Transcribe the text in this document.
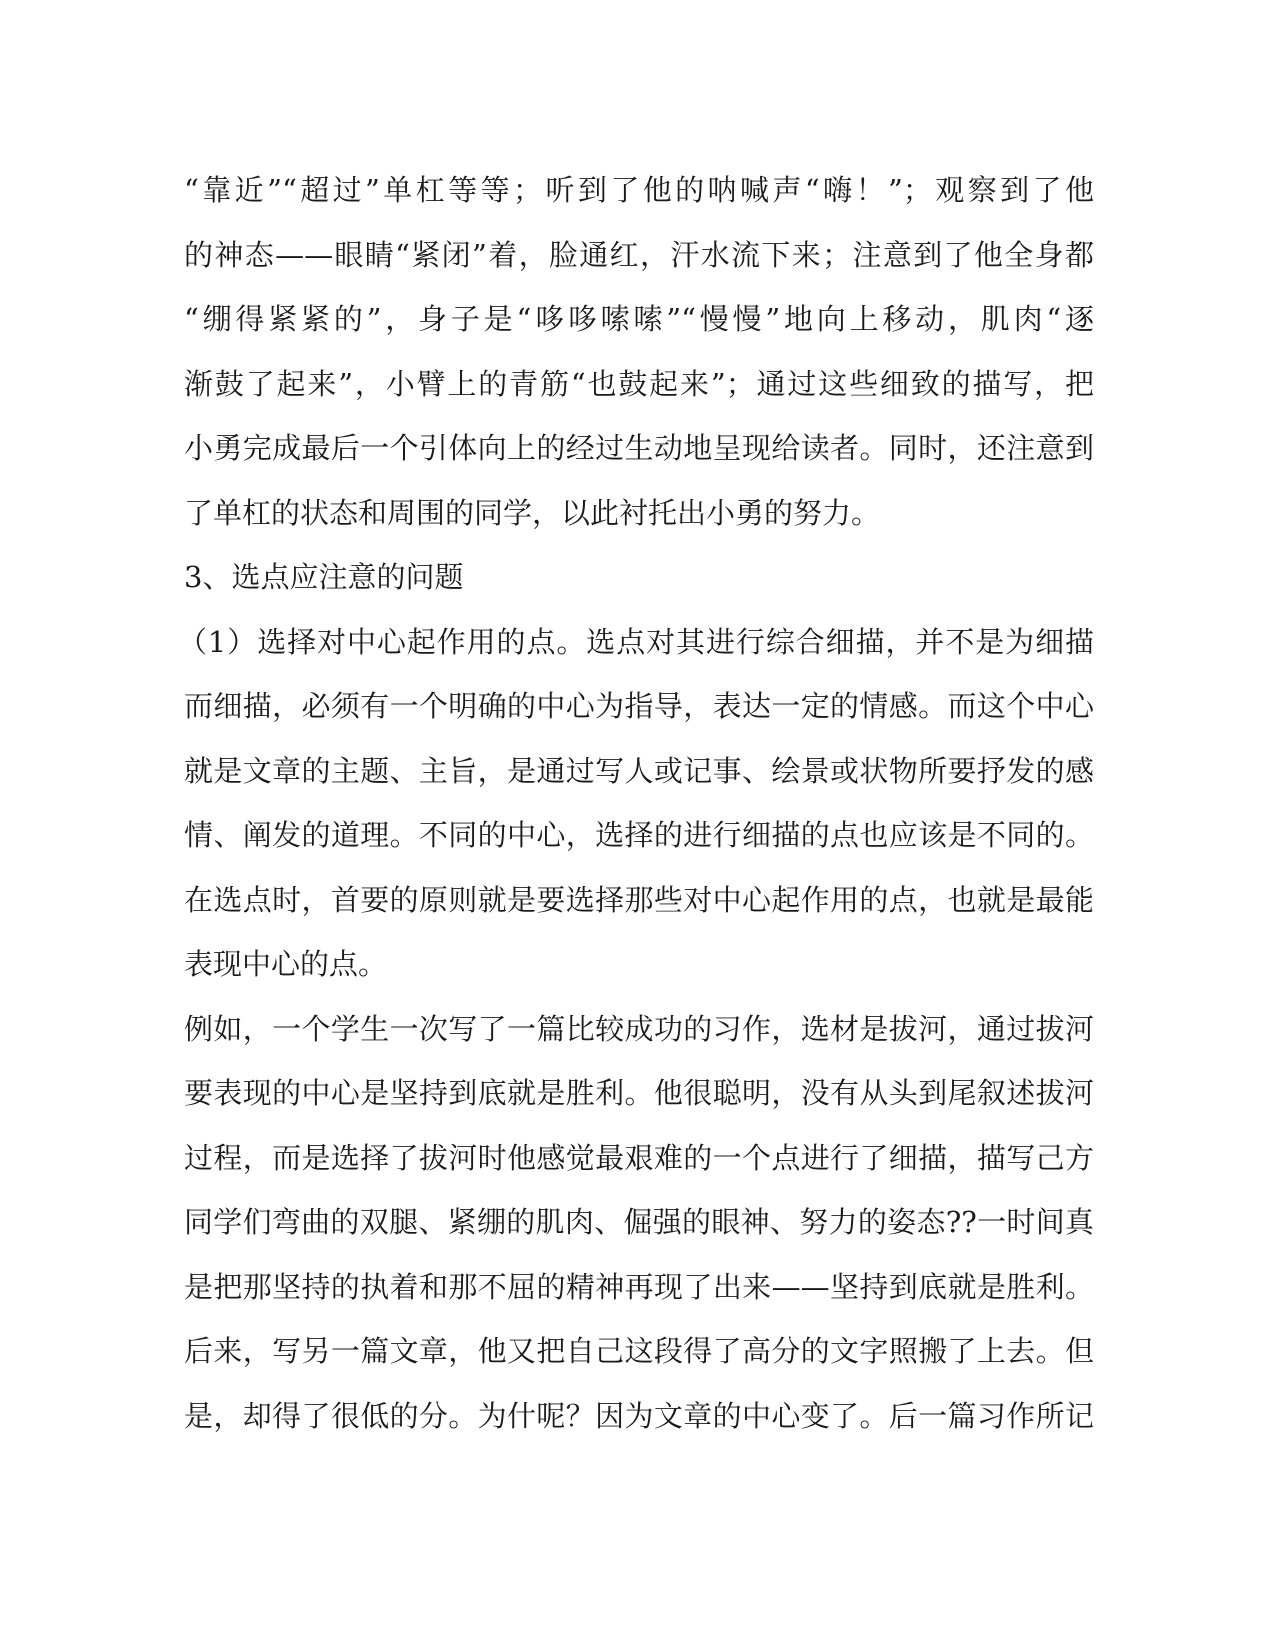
“靠近”“超过”单杠等等；听到了他的呐喊声“嗨！”；观察到了他
的神态——眼睛“紧闭”着，脸通红，汗水流下来；注意到了他全身都
“绷得紧紧的”，身子是“哆哆嗦嗦”“慢慢”地向上移动，肌肉“逐
渐鼓了起来”，小臂上的青筋“也鼓起来”；通过这些细致的描写，把
小勇完成最后一个引体向上的经过生动地呈现给读者。同时，还注意到
了单杠的状态和周围的同学，以此衬托出小勇的努力。
3、选点应注意的问题
（1）选择对中心起作用的点。选点对其进行综合细描，并不是为细描
而细描，必须有一个明确的中心为指导，表达一定的情感。而这个中心
就是文章的主题、主旨，是通过写人或记事、绘景或状物所要抒发的感
情、阐发的道理。不同的中心，选择的进行细描的点也应该是不同的。
在选点时，首要的原则就是要选择那些对中心起作用的点，也就是最能
表现中心的点。
例如，一个学生一次写了一篇比较成功的习作，选材是拔河，通过拔河
要表现的中心是坚持到底就是胜利。他很聪明，没有从头到尾叙述拔河
过程，而是选择了拔河时他感觉最艰难的一个点进行了细描，描写己方
同学们弯曲的双腿、紧绷的肌肉、倔强的眼神、努力的姿态??一时间真
是把那坚持的执着和那不屈的精神再现了出来——坚持到底就是胜利。
后来，写另一篇文章，他又把自己这段得了高分的文字照搬了上去。但
是，却得了很低的分。为什呢？因为文章的中心变了。后一篇习作所记
